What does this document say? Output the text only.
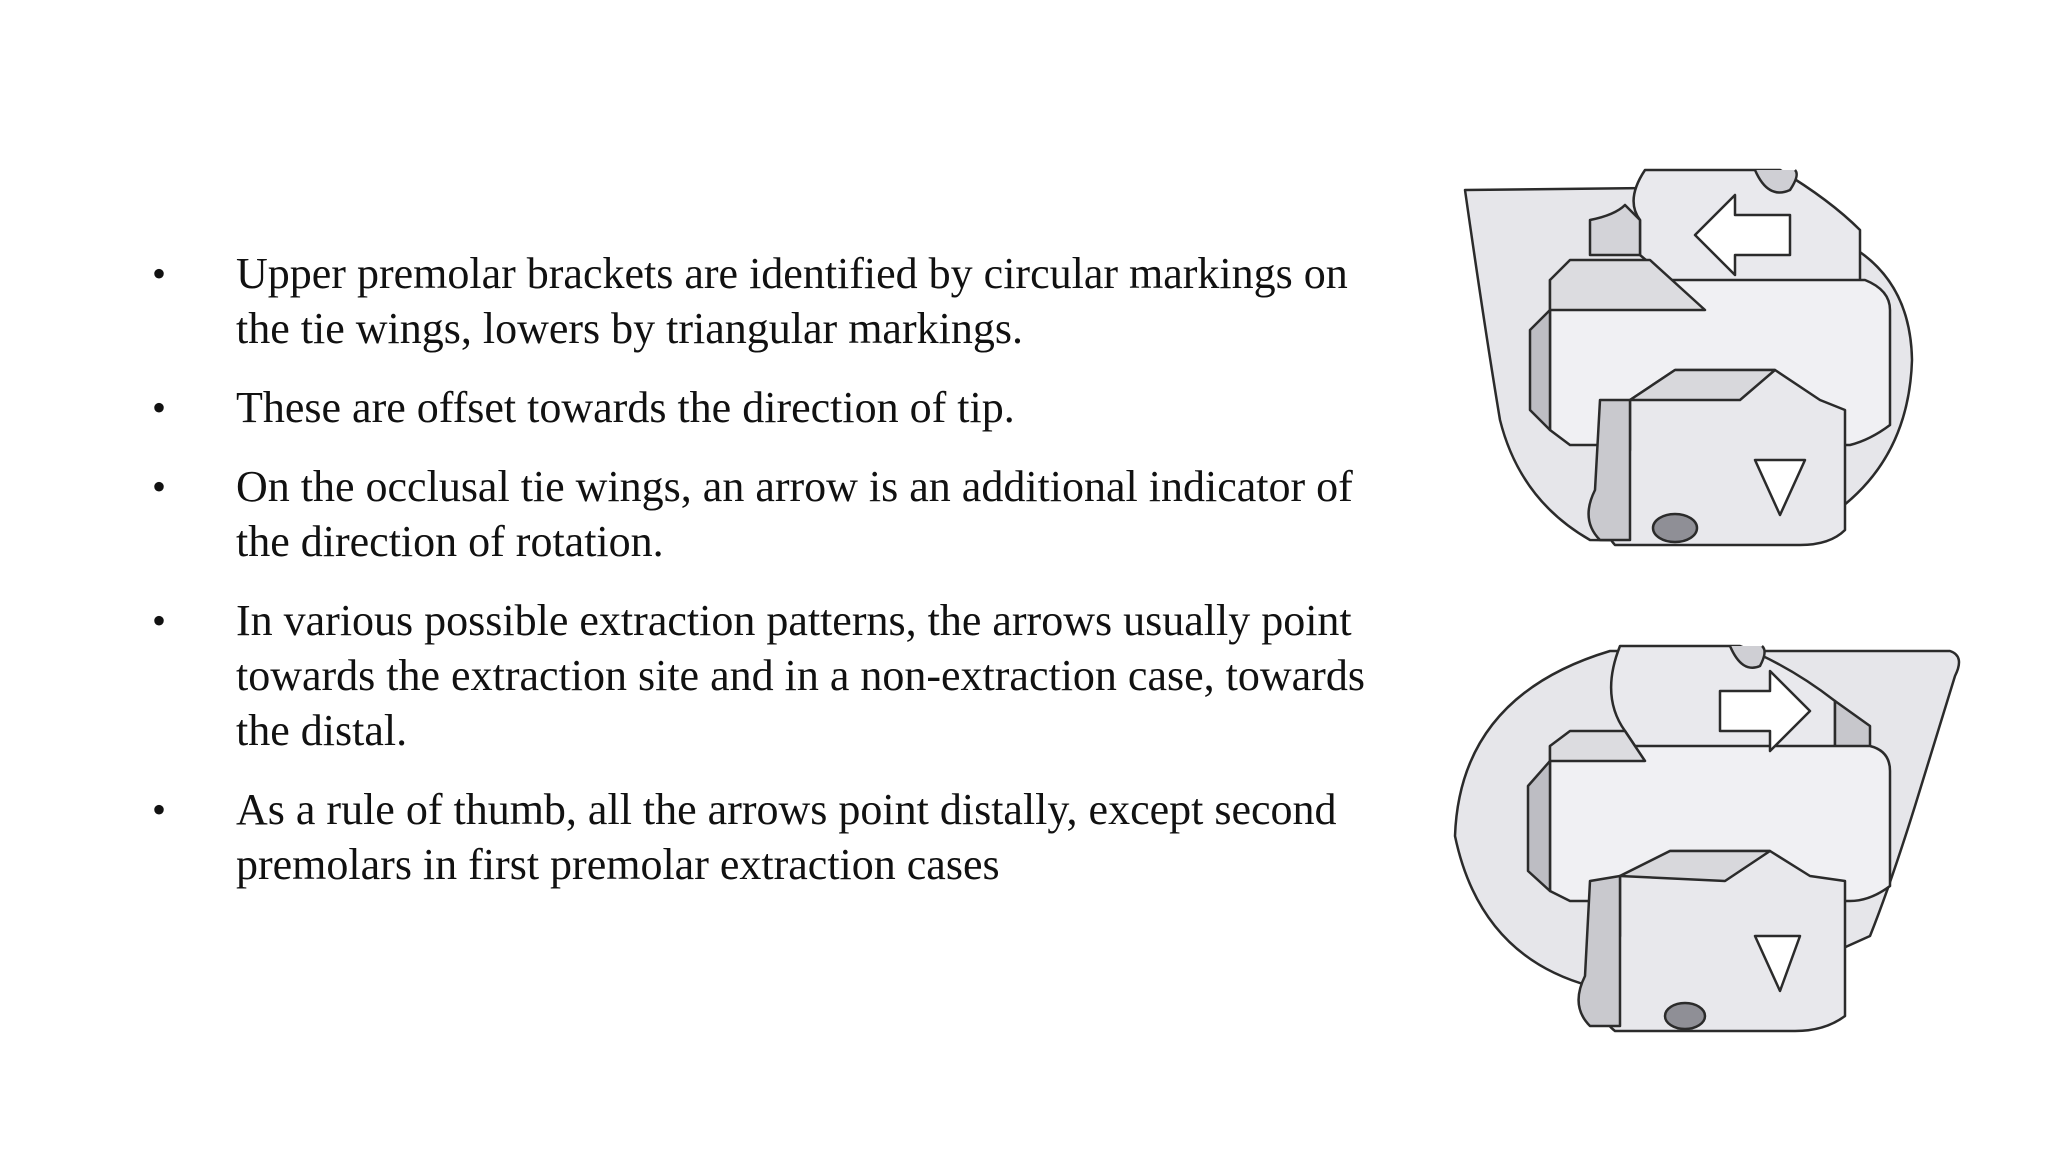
• Upper premolar brackets are identified by circular markings on the tie wings, lowers by triangular markings.
• These are offset towards the direction of tip.
• On the occlusal tie wings, an arrow is an additional indicator of the direction of rotation.
• In various possible extraction patterns, the arrows usually point towards the extraction site and in a non-extraction case, towards the distal.
• As a rule of thumb, all the arrows point distally, except second premolars in first premolar extraction cases
